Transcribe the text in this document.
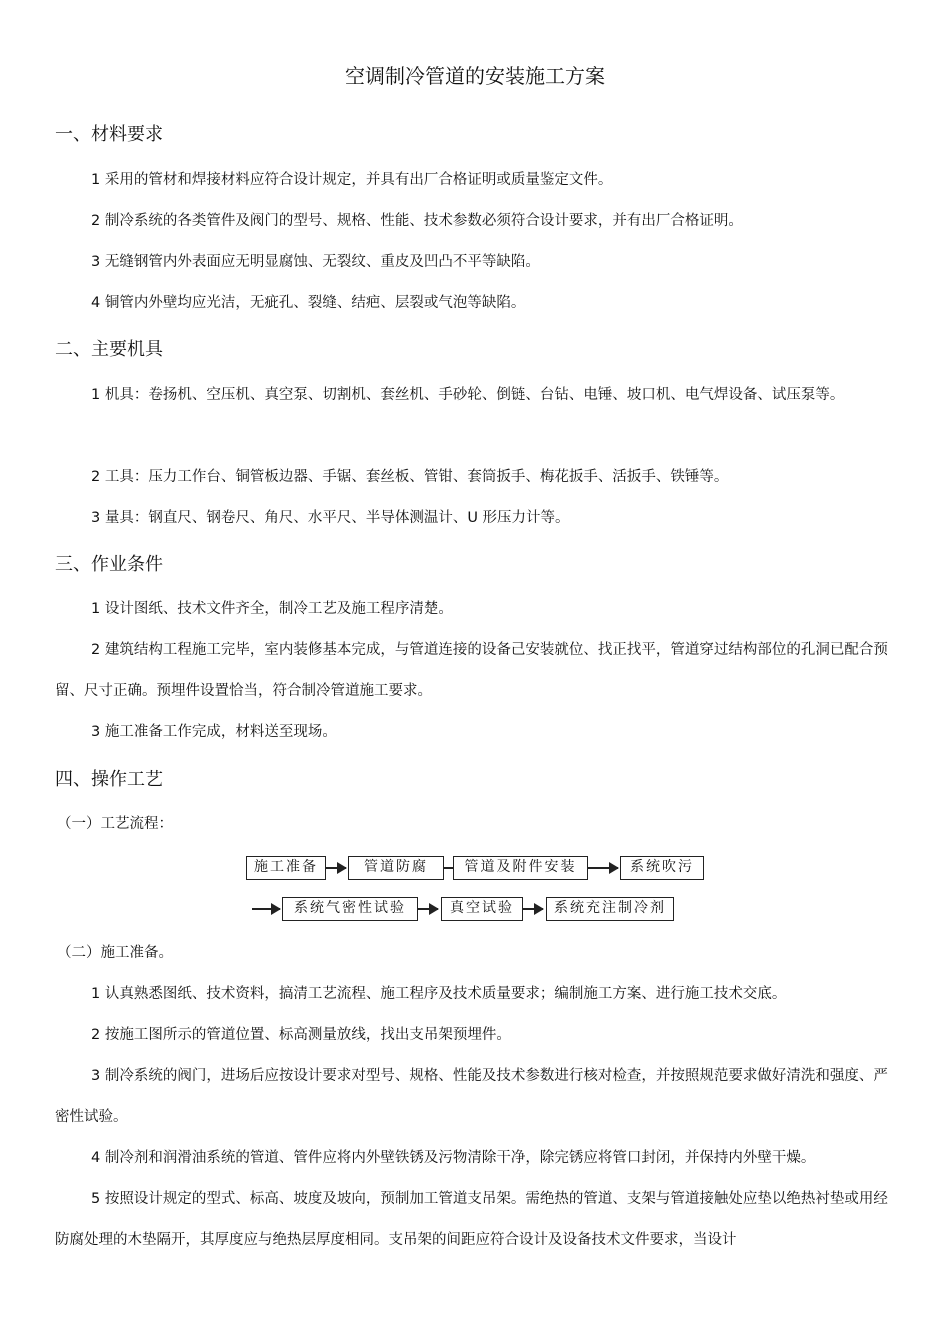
空调制冷管道的安装施工方案
一、材料要求
1 采用的管材和焊接材料应符合设计规定，并具有出厂合格证明或质量鉴定文件。
2 制冷系统的各类管件及阀门的型号、规格、性能、技术参数必须符合设计要求，并有出厂合格证明。
3 无缝钢管内外表面应无明显腐蚀、无裂纹、重皮及凹凸不平等缺陷。
4 铜管内外壁均应光洁，无疵孔、裂缝、结疤、层裂或气泡等缺陷。
二、主要机具
1 机具：卷扬机、空压机、真空泵、切割机、套丝机、手砂轮、倒链、台钻、电锤、坡口机、电气焊设备、试压泵等。
2 工具：压力工作台、铜管板边器、手锯、套丝板、管钳、套筒扳手、梅花扳手、活扳手、铁锤等。
3 量具：钢直尺、钢卷尺、角尺、水平尺、半导体测温计、U 形压力计等。
三、作业条件
1 设计图纸、技术文件齐全，制冷工艺及施工程序清楚。
2 建筑结构工程施工完毕，室内装修基本完成，与管道连接的设备己安装就位、找正找平，管道穿过结构部位的孔洞已配合预留、尺寸正确。预埋件设置恰当，符合制冷管道施工要求。
3 施工准备工作完成，材料送至现场。
四、操作工艺
（一）工艺流程：
施工准备	管道防腐	管道及附件安装	系统吹污
系统气密性试验	真空试验	系统充注制冷剂
（二）施工准备。
1 认真熟悉图纸、技术资料，搞清工艺流程、施工程序及技术质量要求；编制施工方案、进行施工技术交底。
2 按施工图所示的管道位置、标高测量放线，找出支吊架预埋件。
3 制冷系统的阀门，进场后应按设计要求对型号、规格、性能及技术参数进行核对检查，并按照规范要求做好清洗和强度、严密性试验。
4 制冷剂和润滑油系统的管道、管件应将内外壁铁锈及污物清除干净，除完锈应将管口封闭，并保持内外壁干燥。
5 按照设计规定的型式、标高、坡度及坡向，预制加工管道支吊架。需绝热的管道、支架与管道接触处应垫以绝热衬垫或用经防腐处理的木垫隔开，其厚度应与绝热层厚度相同。支吊架的间距应符合设计及设备技术文件要求，当设计
